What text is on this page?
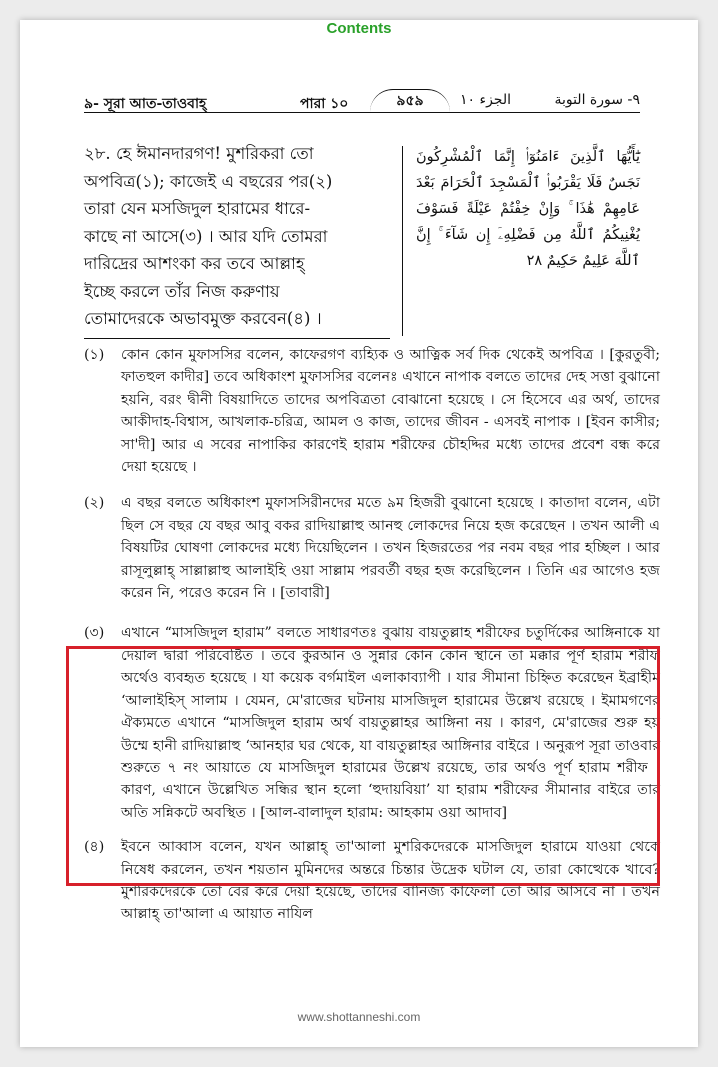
Contents
৯- সূরা আত-তাওবাহ্‌	পারা ১০	৯৫৯	الجزء ١٠	٩- سورة التوبة
২৮. হে ঈমানদারগণ! মুশরিকরা তো
অপবিত্র(১); কাজেই এ বছরের পর(২)
তারা যেন মসজিদুল হারামের ধারে-
কাছে না আসে(৩) । আর যদি তোমরা
দারিদ্রের আশংকা কর তবে আল্লাহ্
ইচ্ছে করলে তাঁর নিজ করুণায়
তোমাদেরকে অভাবমুক্ত করবেন(৪) ।
يَٰٓأَيُّهَا ٱلَّذِينَ ءَامَنُوٓا۟ إِنَّمَا ٱلْمُشْرِكُونَ نَجَسٌ فَلَا يَقْرَبُوا۟ ٱلْمَسْجِدَ ٱلْحَرَامَ بَعْدَ عَامِهِمْ هَٰذَا ۚ وَإِنْ خِفْتُمْ عَيْلَةً فَسَوْفَ يُغْنِيكُمُ ٱللَّهُ مِن فَضْلِهِۦٓ إِن شَآءَ ۚ إِنَّ ٱللَّهَ عَلِيمٌ حَكِيمٌ ٢٨
(১) কোন কোন মুফাসসির বলেন, কাফেরগণ ব্যহ্যিক ও আত্নিক সর্ব দিক থেকেই অপবিত্র । [কুরতুবী; ফাতহুল কাদীর] তবে অধিকাংশ মুফাসসির বলেনঃ এখানে নাপাক বলতে তাদের দেহ সত্তা বুঝানো হয়নি, বরং দ্বীনী বিষয়াদিতে তাদের অপবিত্রতা বোঝানো হয়েছে । সে হিসেবে এর অর্থ, তাদের আকীদাহ-বিশ্বাস, আখলাক-চরিত্র, আমল ও কাজ, তাদের জীবন - এসবই নাপাক । [ইবন কাসীর; সা'দী] আর এ সবের নাপাকির কারণেই হারাম শরীফের চৌহদ্দির মধ্যে তাদের প্রবেশ বন্ধ করে দেয়া হয়েছে ।
(২) এ বছর বলতে অধিকাংশ মুফাসসিরীনদের মতে ৯ম হিজরী বুঝানো হয়েছে । কাতাদা বলেন, এটা ছিল সে বছর যে বছর আবু বকর রাদিয়াল্লাহু আনহু লোকদের নিয়ে হজ করেছেন । তখন আলী এ বিষয়টির ঘোষণা লোকদের মধ্যে দিয়েছিলেন । তখন হিজরতের পর নবম বছর পার হচ্ছিল । আর রাসূলুল্লাহ্ সাল্লাল্লাহু আলাইহি ওয়া সাল্লাম পরবর্তী বছর হজ করেছিলেন । তিনি এর আগেও হজ করেন নি, পরেও করেন নি । [তাবারী]
(৩) এখানে “মাসজিদুল হারাম” বলতে সাধারণতঃ বুঝায় বায়তুল্লাহ শরীফের চতুর্দিকের আঙ্গিনাকে যা দেয়াল দ্বারা পরিবেষ্টিত । তবে কুরআন ও সুন্নার কোন কোন স্থানে তা মক্কার পূর্ণ হারাম শরীফ অর্থেও ব্যবহৃত হয়েছে । যা কয়েক বর্গমাইল এলাকাব্যাপী । যার সীমানা চিহ্নিত করেছেন ইব্রাহীম ‘আলাইহিস্ সালাম । যেমন, মে'রাজের ঘটনায় মাসজিদুল হারামের উল্লেখ রয়েছে । ইমামগণের ঐক্যমতে এখানে “মাসজিদুল হারাম অর্থ বায়তুল্লাহর আঙ্গিনা নয় । কারণ, মে'রাজের শুরু হয় উম্মে হানী রাদিয়াল্লাহু ‘আনহার ঘর থেকে, যা বায়তুল্লাহর আঙ্গিনার বাইরে । অনুরূপ সূরা তাওবার শুরুতে ৭ নং আয়াতে যে মাসজিদুল হারামের উল্লেখ রয়েছে, তার অর্থও পূর্ণ হারাম শরীফ । কারণ, এখানে উল্লেখিত সন্ধির স্থান হলো ‘হুদায়বিয়া’ যা হারাম শরীফের সীমানার বাইরে তার অতি সন্নিকটে অবস্থিত । [আল-বালাদুল হারাম: আহকাম ওয়া আদাব]
(৪) ইবনে আব্বাস বলেন, যখন আল্লাহ্ তা'আলা মুশরিকদেরকে মাসজিদুল হারামে যাওয়া থেকে নিষেধ করলেন, তখন শয়তান মুমিনদের অন্তরে চিন্তার উদ্রেক ঘটাল যে, তারা কোত্থেকে খাবে? মুশরিকদেরকে তো বের করে দেয়া হয়েছে, তাদের বানিজ্য কাফেলা তো আর আসবে না । তখন আল্লাহ্ তা'আলা এ আয়াত নাযিল
www.shottanneshi.com
